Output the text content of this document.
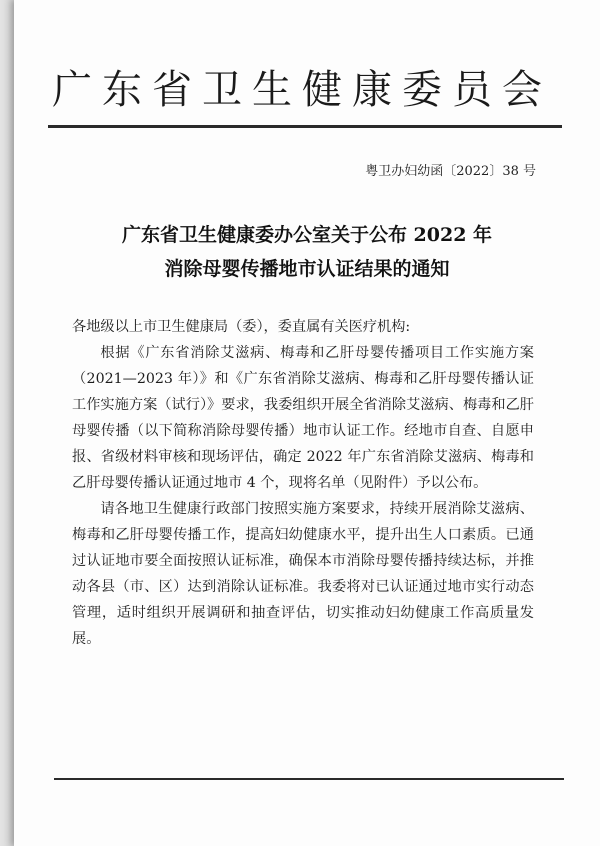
广东省卫生健康委员会
粤卫办妇幼函〔2022〕38 号
广东省卫生健康委办公室关于公布 2022 年
消除母婴传播地市认证结果的通知

各地级以上市卫生健康局（委），委直属有关医疗机构:

根据《广东省消除艾滋病、梅毒和乙肝母婴传播项目工作实施方案（2021—2023 年）》和《广东省消除艾滋病、梅毒和乙肝母婴传播认证工作实施方案（试行）》要求，我委组织开展全省消除艾滋病、梅毒和乙肝母婴传播（以下简称消除母婴传播）地市认证工作。经地市自查、自愿申报、省级材料审核和现场评估，确定 2022 年广东省消除艾滋病、梅毒和乙肝母婴传播认证通过地市 4 个，现将名单（见附件）予以公布。

请各地卫生健康行政部门按照实施方案要求，持续开展消除艾滋病、梅毒和乙肝母婴传播工作，提高妇幼健康水平，提升出生人口素质。已通过认证地市要全面按照认证标准，确保本市消除母婴传播持续达标，并推动各县（市、区）达到消除认证标准。我委将对已认证通过地市实行动态管理，适时组织开展调研和抽查评估，切实推动妇幼健康工作高质量发展。
